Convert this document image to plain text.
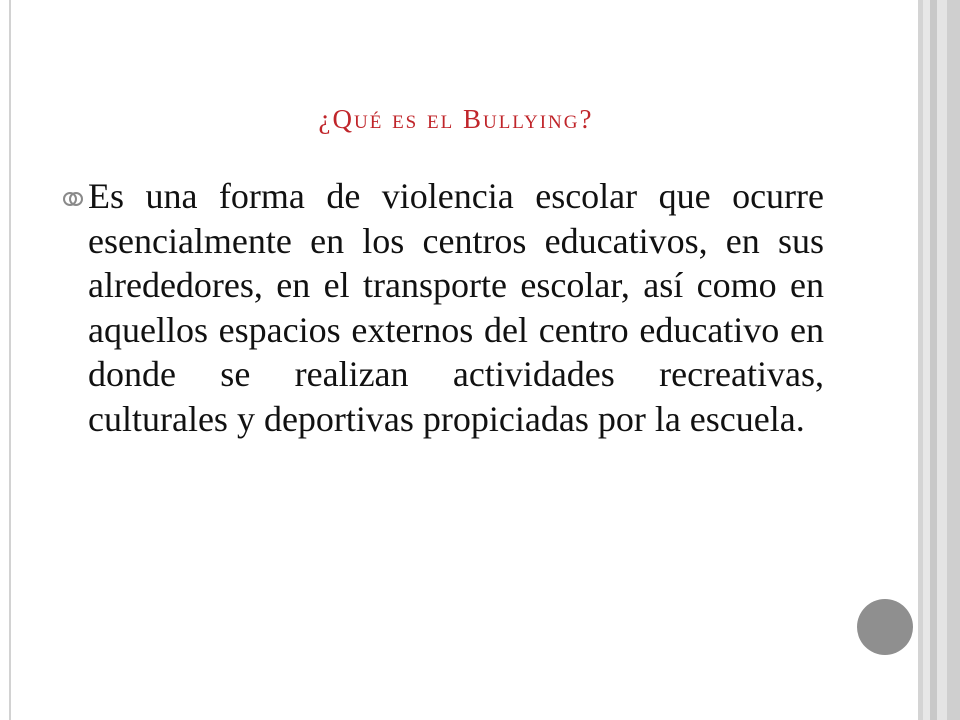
¿Qué es el Bullying?

Es una forma de violencia escolar que ocurre esencialmente en los centros educativos, en sus alrededores, en el transporte escolar, así como en aquellos espacios externos del centro educativo en donde se realizan actividades recreativas, culturales y deportivas propiciadas por la escuela.
